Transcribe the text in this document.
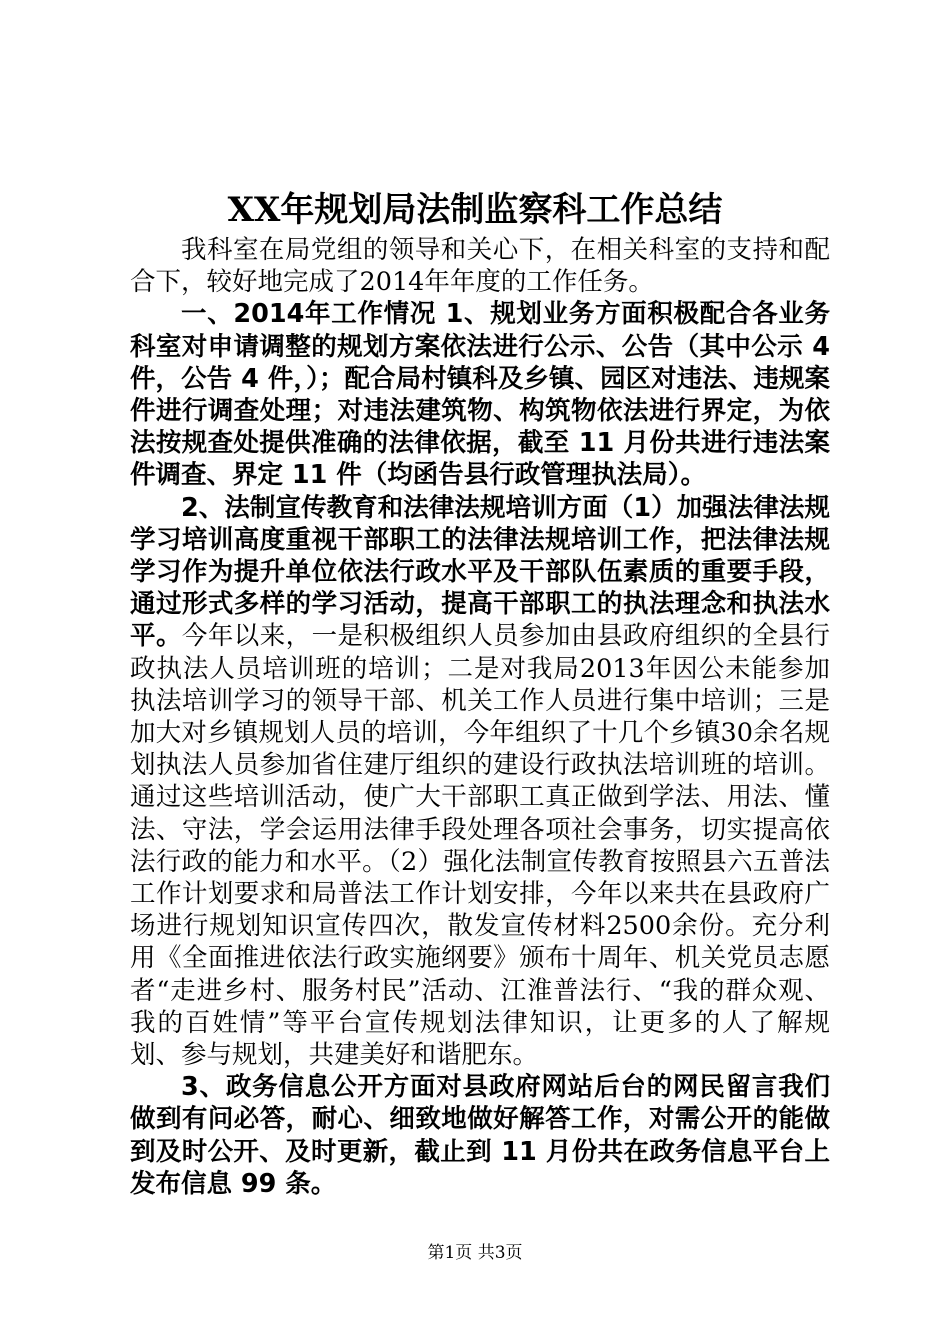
XX年规划局法制监察科工作总结

我科室在局党组的领导和关心下，在相关科室的支持和配合下，较好地完成了2014年年度的工作任务。

一、2014年工作情况 1、规划业务方面积极配合各业务科室对申请调整的规划方案依法进行公示、公告（其中公示 4 件，公告 4 件，）；配合局村镇科及乡镇、园区对违法、违规案件进行调查处理；对违法建筑物、构筑物依法进行界定，为依法按规查处提供准确的法律依据，截至 11 月份共进行违法案件调查、界定 11 件（均函告县行政管理执法局）。

2、法制宣传教育和法律法规培训方面（1）加强法律法规学习培训高度重视干部职工的法律法规培训工作，把法律法规学习作为提升单位依法行政水平及干部队伍素质的重要手段，通过形式多样的学习活动，提高干部职工的执法理念和执法水平。今年以来，一是积极组织人员参加由县政府组织的全县行政执法人员培训班的培训；二是对我局2013年因公未能参加执法培训学习的领导干部、机关工作人员进行集中培训；三是加大对乡镇规划人员的培训，今年组织了十几个乡镇30余名规划执法人员参加省住建厅组织的建设行政执法培训班的培训。通过这些培训活动，使广大干部职工真正做到学法、用法、懂法、守法，学会运用法律手段处理各项社会事务，切实提高依法行政的能力和水平。（2）强化法制宣传教育按照县六五普法工作计划要求和局普法工作计划安排，今年以来共在县政府广场进行规划知识宣传四次，散发宣传材料2500余份。充分利用《全面推进依法行政实施纲要》颁布十周年、机关党员志愿者“走进乡村、服务村民”活动、江淮普法行、“我的群众观、我的百姓情”等平台宣传规划法律知识，让更多的人了解规划、参与规划，共建美好和谐肥东。

3、政务信息公开方面对县政府网站后台的网民留言我们做到有问必答，耐心、细致地做好解答工作，对需公开的能做到及时公开、及时更新，截止到 11 月份共在政务信息平台上发布信息 99 条。

第1页 共3页
